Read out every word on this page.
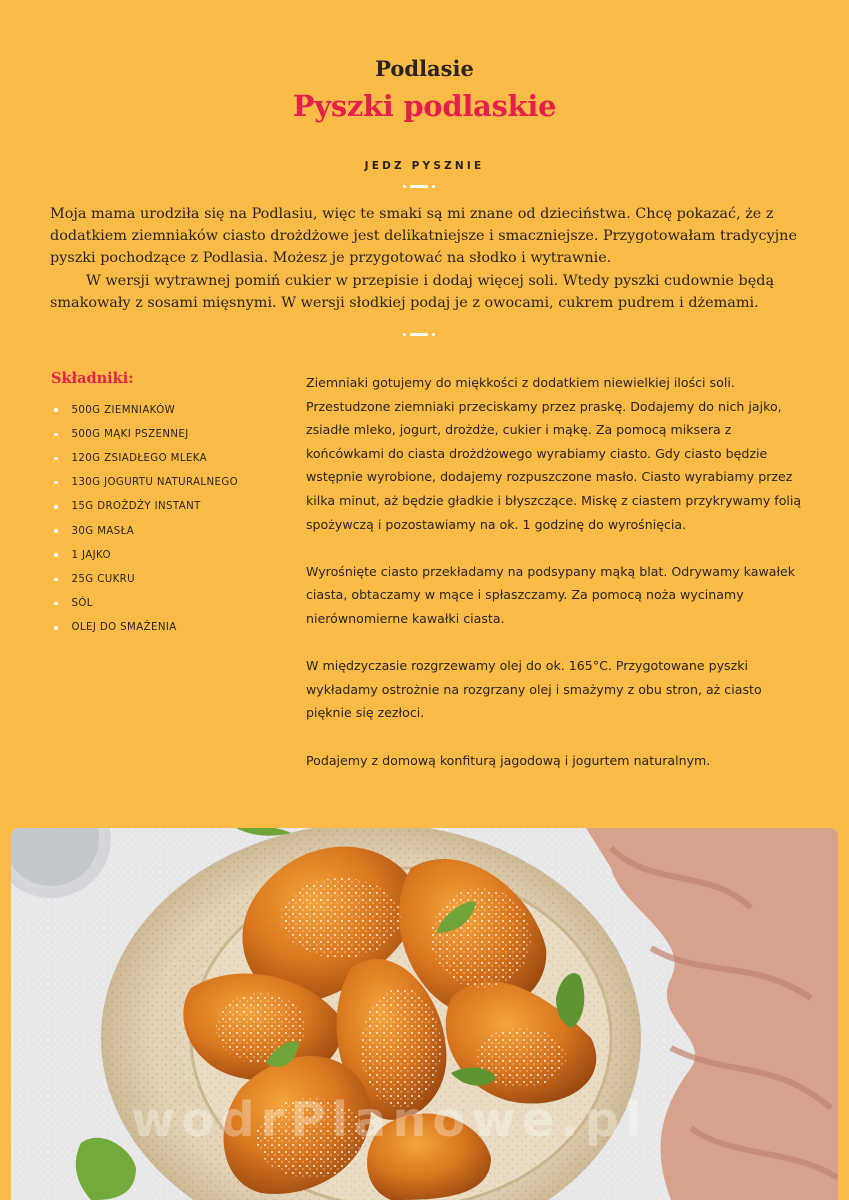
Podlasie
Pyszki podlaskie
JEDZ PYSZNIE

Moja mama urodziła się na Podlasiu, więc te smaki są mi znane od dzieciństwa. Chcę pokazać, że z dodatkiem ziemniaków ciasto drożdżowe jest delikatniejsze i smaczniejsze. Przygotowałam tradycyjne pyszki pochodzące z Podlasia. Możesz je przygotować na słodko i wytrawnie.

W wersji wytrawnej pomiń cukier w przepisie i dodaj więcej soli. Wtedy pyszki cudownie będą smakowały z sosami mięsnymi. W wersji słodkiej podaj je z owocami, cukrem pudrem i dżemami.

Składniki:
500G ZIEMNIAKÓW
500G MĄKI PSZENNEJ
120G ZSIADŁEGO MLEKA
130G JOGURTU NATURALNEGO
15G DROŻDŻY INSTANT
30G MASŁA
1 JAJKO
25G CUKRU
SÓL
OLEJ DO SMAŻENIA

Ziemniaki gotujemy do miękkości z dodatkiem niewielkiej ilości soli. Przestudzone ziemniaki przeciskamy przez praskę. Dodajemy do nich jajko, zsiadłe mleko, jogurt, drożdże, cukier i mąkę. Za pomocą miksera z końcówkami do ciasta drożdżowego wyrabiamy ciasto. Gdy ciasto będzie wstępnie wyrobione, dodajemy rozpuszczone masło. Ciasto wyrabiamy przez kilka minut, aż będzie gładkie i błyszczące. Miskę z ciastem przykrywamy folią spożywczą i pozostawiamy na ok. 1 godzinę do wyrośnięcia.

Wyrośnięte ciasto przekładamy na podsypany mąką blat. Odrywamy kawałek ciasta, obtaczamy w mące i spłaszczamy. Za pomocą noża wycinamy nierównomierne kawałki ciasta.

W międzyczasie rozgrzewamy olej do ok. 165°C. Przygotowane pyszki wykładamy ostrożnie na rozgrzany olej i smażymy z obu stron, aż ciasto pięknie się zezłoci.

Podajemy z domową konfiturą jagodową i jogurtem naturalnym.

wodrPlanowe.pl
